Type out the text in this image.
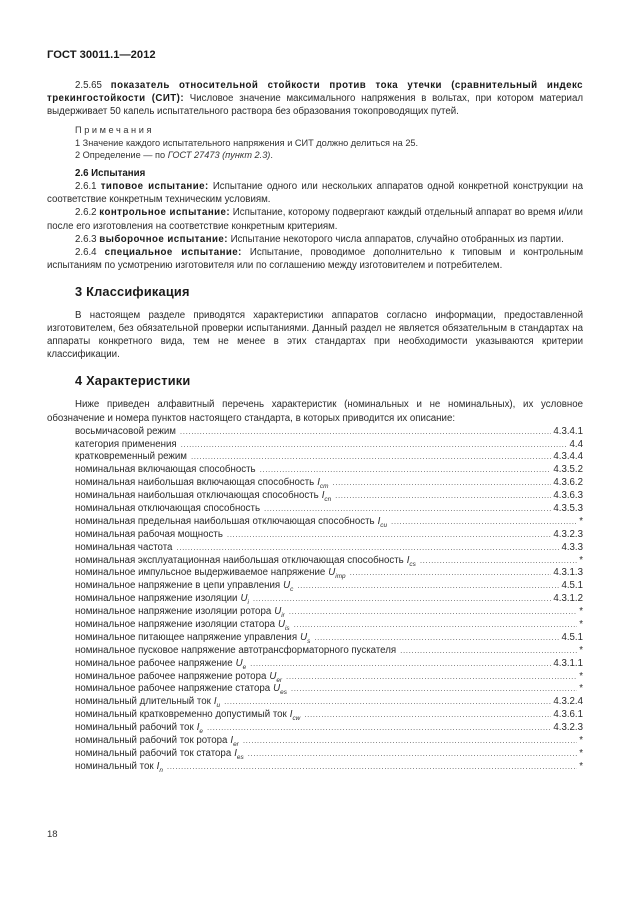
ГОСТ 30011.1—2012

2.5.65 показатель относительной стойкости против тока утечки (сравнительный индекс трекингостойкости (СИТ): Числовое значение максимального напряжения в вольтах, при котором материал выдерживает 50 капель испытательного раствора без образования токопроводящих путей.

Примечания
1 Значение каждого испытательного напряжения и СИТ должно делиться на 25.
2 Определение — по ГОСТ 27473 (пункт 2.3).
2.6 Испытания

2.6.1 типовое испытание: Испытание одного или нескольких аппаратов одной конкретной конструкции на соответствие конкретным техническим условиям.

2.6.2 контрольное испытание: Испытание, которому подвергают каждый отдельный аппарат во время и/или после его изготовления на соответствие конкретным критериям.

2.6.3 выборочное испытание: Испытание некоторого числа аппаратов, случайно отобранных из партии.

2.6.4 специальное испытание: Испытание, проводимое дополнительно к типовым и контрольным испытаниям по усмотрению изготовителя или по соглашению между изготовителем и потребителем.

3 Классификация

В настоящем разделе приводятся характеристики аппаратов согласно информации, предоставленной изготовителем, без обязательной проверки испытаниями. Данный раздел не является обязательным в стандартах на аппараты конкретного вида, тем не менее в этих стандартах при необходимости указываются критерии классификации.

4 Характеристики

Ниже приведен алфавитный перечень характеристик (номинальных и не номинальных), их условное обозначение и номера пунктов настоящего стандарта, в которых приводится их описание:

восьмичасовой режим .....	4.3.4.1
категория применения .....	4.4
кратковременный режим .....	4.3.4.4
номинальная включающая способность .....	4.3.5.2
номинальная наибольшая включающая способность $I_{cm}$ .....	4.3.6.2
номинальная наибольшая отключающая способность $I_{cn}$ .....	4.3.6.3
номинальная отключающая способность .....	4.3.5.3
номинальная предельная наибольшая отключающая способность $I_{cu}$ .....	*
номинальная рабочая мощность .....	4.3.2.3
номинальная частота .....	4.3.3
номинальная эксплуатационная наибольшая отключающая способность $I_{cs}$ .....	*
номинальное импульсное выдерживаемое напряжение $U_{imp}$ .....	4.3.1.3
номинальное напряжение в цепи управления $U_c$ .....	4.5.1
номинальное напряжение изоляции $U_i$ .....	4.3.1.2
номинальное напряжение изоляции ротора $U_{ir}$ .....	*
номинальное напряжение изоляции статора $U_{is}$ .....	*
номинальное питающее напряжение управления $U_s$ .....	4.5.1
номинальное пусковое напряжение автотрансформаторного пускателя .....	*
номинальное рабочее напряжение $U_e$ .....	4.3.1.1
номинальное рабочее напряжение ротора $U_{er}$ .....	*
номинальное рабочее напряжение статора $U_{es}$ .....	*
номинальный длительный ток $I_u$ .....	4.3.2.4
номинальный кратковременно допустимый ток $I_{cw}$ .....	4.3.6.1
номинальный рабочий ток $I_e$ .....	4.3.2.3
номинальный рабочий ток ротора $I_{er}$ .....	*
номинальный рабочий ток статора $I_{es}$ .....	*
номинальный ток $I_n$ .....	*
18
